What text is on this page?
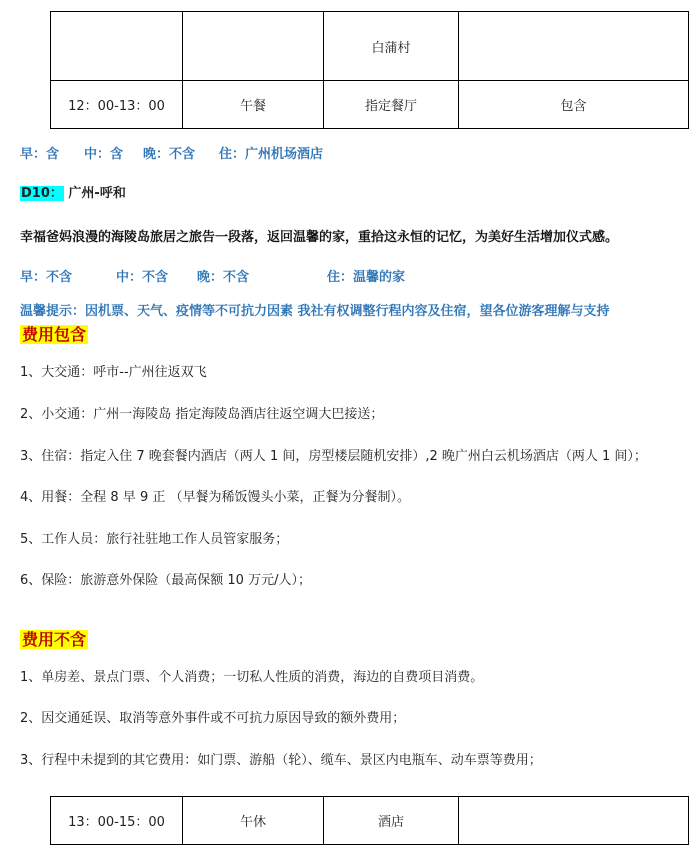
		白蒲村	
12：00-13：00	午餐	指定餐厅	包含
早：含 中：含 晚：不含 住：广州机场酒店
D10： 广州-呼和
幸福爸妈浪漫的海陵岛旅居之旅告一段落，返回温馨的家，重拾这永恒的记忆，为美好生活增加仪式感。
早：不含	中：不含 晚：不含	住：温馨的家
温馨提示：因机票、天气、疫情等不可抗力因素 我社有权调整行程内容及住宿，望各位游客理解与支持
费用包含
1、大交通：呼市--广州往返双飞
2、小交通：广州一海陵岛 指定海陵岛酒店往返空调大巴接送；
3、住宿：指定入住 7 晚套餐内酒店（两人 1 间，房型楼层随机安排）,2 晚广州白云机场酒店（两人 1 间）；
4、用餐：全程 8 早 9 正 （早餐为稀饭馒头小菜，正餐为分餐制）。
5、工作人员：旅行社驻地工作人员管家服务；
6、保险：旅游意外保险（最高保额 10 万元/人）；
费用不含
1、单房差、景点门票、个人消费；一切私人性质的消费，海边的自费项目消费。
2、因交通延误、取消等意外事件或不可抗力原因导致的额外费用；
3、行程中未提到的其它费用：如门票、游船（轮）、缆车、景区内电瓶车、动车票等费用；
13：00-15：00	午休	酒店	
